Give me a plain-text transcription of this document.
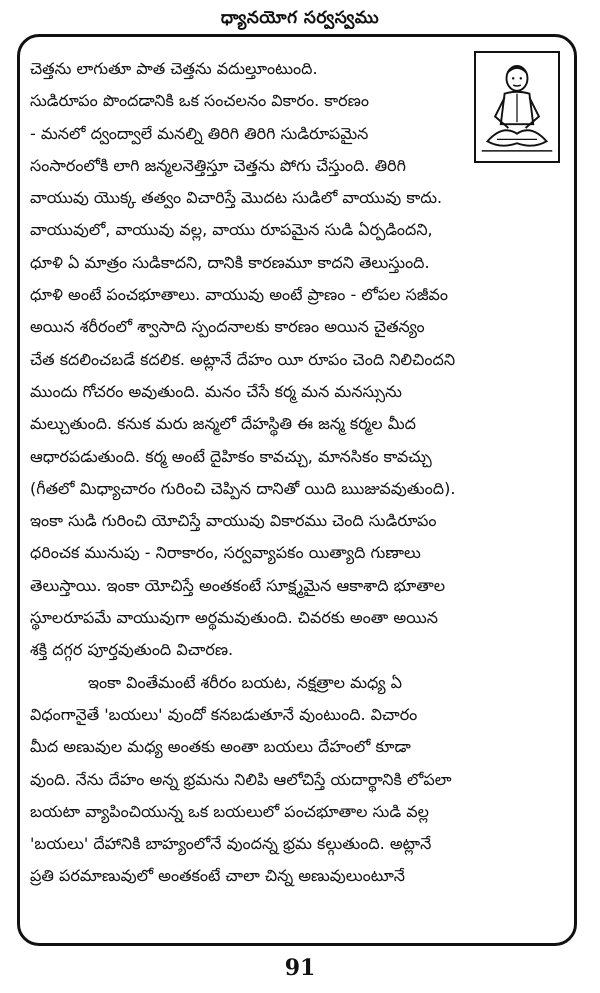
ధ్యానయోగ సర్వస్వము
చెత్తను లాగుతూ పాత చెత్తను వదుల్తూంటుంది.
సుడిరూపం పొందడానికి ఒక సంచలనం వికారం. కారణం
- మనలో ద్వంద్వాలే మనల్ని తిరిగి తిరిగి సుడిరూపమైన
సంసారంలోకి లాగి జన్మలనెత్తిస్తూ చెత్తను పోగు చేస్తుంది. తిరిగి
వాయువు యొక్క తత్వం విచారిస్తే మొదట సుడిలో వాయువు కాదు.
వాయువులో, వాయువు వల్ల, వాయు రూపమైన సుడి ఏర్పడిందని,
ధూళి ఏ మాత్రం సుడికాదని, దానికి కారణమూ కాదని తెలుస్తుంది.
ధూళి అంటే పంచభూతాలు. వాయువు అంటే ప్రాణం - లోపల సజీవం
అయిన శరీరంలో శ్వాసాది స్పందనాలకు కారణం అయిన చైతన్యం
చేత కదలించబడే కదలిక. అట్లానే దేహం యీ రూపం చెంది నిలిచిందని
ముందు గోచరం అవుతుంది. మనం చేసే కర్మ మన మనస్సును
మల్చుతుంది. కనుక మరు జన్మలో దేహస్థితి ఈ జన్మ కర్మల మీద
ఆధారపడుతుంది. కర్మ అంటే దైహికం కావచ్చు, మానసికం కావచ్చు
(గీతలో మిధ్యాచారం గురించి చెప్పిన దానితో యిది ఋజువవుతుంది).
ఇంకా సుడి గురించి యోచిస్తే వాయువు వికారము చెంది సుడిరూపం
ధరించక మునుపు - నిరాకారం, సర్వవ్యాపకం యిత్యాది గుణాలు
తెలుస్తాయి. ఇంకా యోచిస్తే అంతకంటే సూక్ష్మమైన ఆకాశాది భూతాల
స్థూలరూపమే వాయువుగా అర్థమవుతుంది. చివరకు అంతా అయిన
శక్తి దగ్గర పూర్తవుతుంది విచారణ.
ఇంకా వింతేమంటే శరీరం బయట, నక్షత్రాల మధ్య ఏ
విధంగానైతే 'బయలు' వుందో కనబడుతూనే వుంటుంది. విచారం
మీద అణువుల మధ్య అంతకు అంతా బయలు దేహంలో కూడా
వుంది. నేను దేహం అన్న భ్రమను నిలిపి ఆలోచిస్తే యదార్థానికి లోపలా
బయటా వ్యాపించియున్న ఒక బయలులో పంచభూతాల సుడి వల్ల
'బయలు' దేహానికి బాహ్యంలోనే వుందన్న భ్రమ కల్గుతుంది. అట్లానే
ప్రతి పరమాణువులో అంతకంటే చాలా చిన్న అణువులుంటూనే
91
